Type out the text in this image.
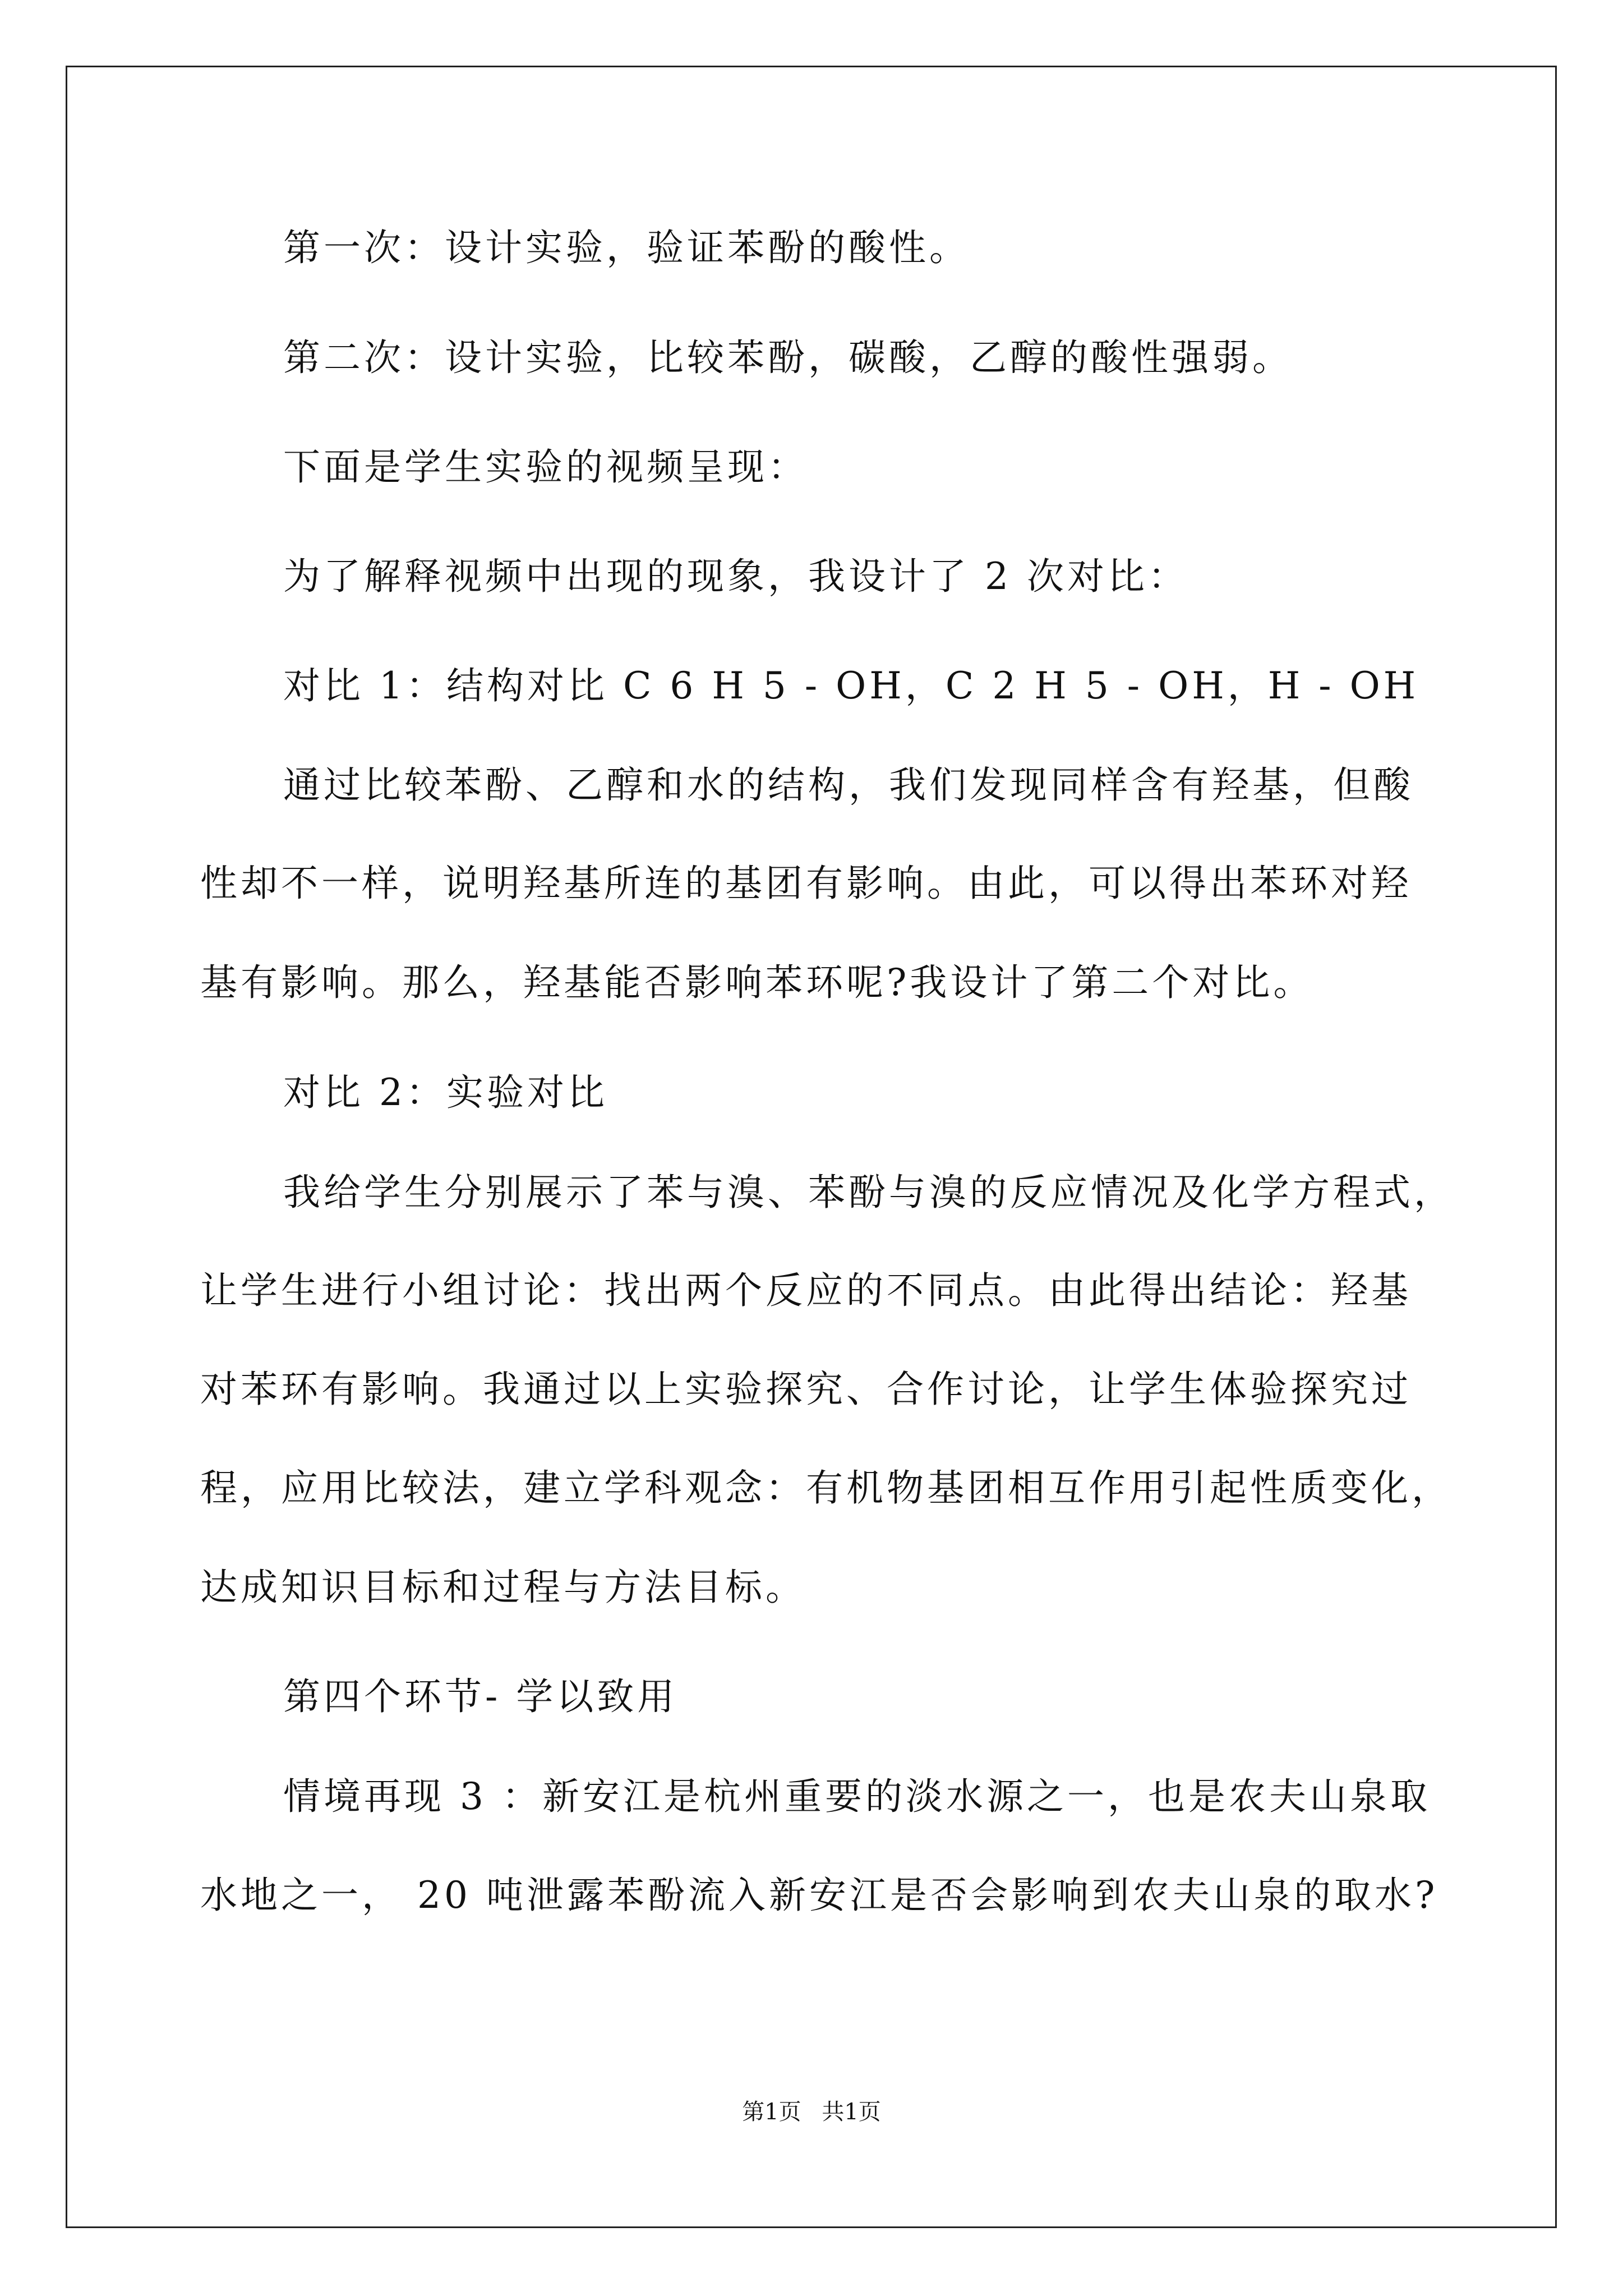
第一次：设计实验，验证苯酚的酸性。
第二次：设计实验，比较苯酚，碳酸，乙醇的酸性强弱。
下面是学生实验的视频呈现：
为了解释视频中出现的现象，我设计了 2 次对比：
对比 1：结构对比 C 6 H 5 - OH，C 2 H 5 - OH，H - OH
通过比较苯酚、乙醇和水的结构，我们发现同样含有羟基，但酸
性却不一样，说明羟基所连的基团有影响。由此，可以得出苯环对羟
基有影响。那么，羟基能否影响苯环呢?我设计了第二个对比。
对比 2：实验对比
我给学生分别展示了苯与溴、苯酚与溴的反应情况及化学方程式，
让学生进行小组讨论：找出两个反应的不同点。由此得出结论：羟基
对苯环有影响。我通过以上实验探究、合作讨论，让学生体验探究过
程，应用比较法，建立学科观念：有机物基团相互作用引起性质变化，
达成知识目标和过程与方法目标。
第四个环节- 学以致用
情境再现 3 ：新安江是杭州重要的淡水源之一，也是农夫山泉取
水地之一， 20 吨泄露苯酚流入新安江是否会影响到农夫山泉的取水?
第1页 共1页
